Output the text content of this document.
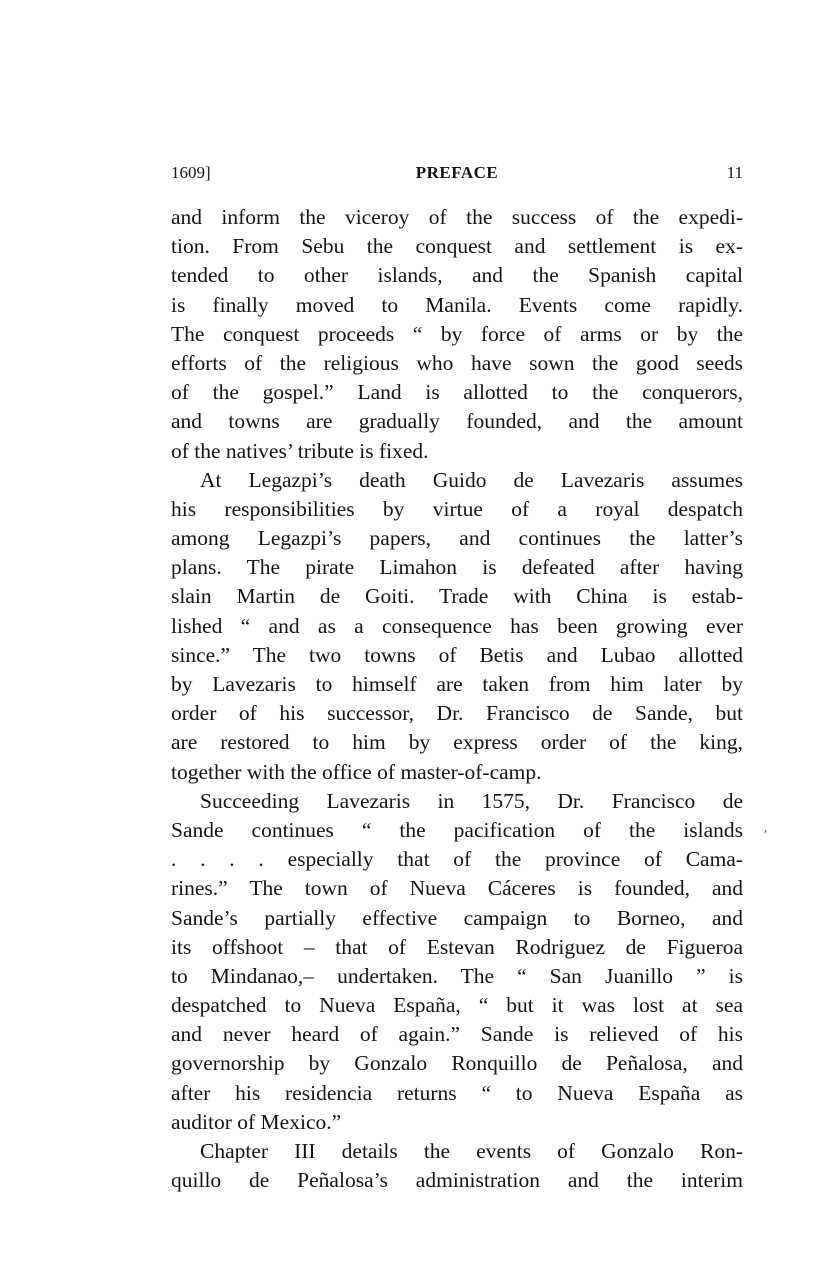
1609]	PREFACE	11
and inform the viceroy of the success of the expedi-
tion. From Sebu the conquest and settlement is ex-
tended to other islands, and the Spanish capital
is finally moved to Manila. Events come rapidly.
The conquest proceeds “ by force of arms or by the
efforts of the religious who have sown the good seeds
of the gospel.” Land is allotted to the conquerors,
and towns are gradually founded, and the amount
of the natives’ tribute is fixed.
At Legazpi’s death Guido de Lavezaris assumes
his responsibilities by virtue of a royal despatch
among Legazpi’s papers, and continues the latter’s
plans. The pirate Limahon is defeated after having
slain Martin de Goiti. Trade with China is estab-
lished “ and as a consequence has been growing ever
since.” The two towns of Betis and Lubao allotted
by Lavezaris to himself are taken from him later by
order of his successor, Dr. Francisco de Sande, but
are restored to him by express order of the king,
together with the office of master-of-camp.
Succeeding Lavezaris in 1575, Dr. Francisco de
Sande continues “ the pacification of the islands
. . . . especially that of the province of Cama-
rines.” The town of Nueva Cáceres is founded, and
Sande’s partially effective campaign to Borneo, and
its offshoot – that of Estevan Rodriguez de Figueroa
to Mindanao,– undertaken. The “ San Juanillo ” is
despatched to Nueva España, “ but it was lost at sea
and never heard of again.” Sande is relieved of his
governorship by Gonzalo Ronquillo de Peñalosa, and
after his residencia returns “ to Nueva España as
auditor of Mexico.”
Chapter III details the events of Gonzalo Ron-
quillo de Peñalosa’s administration and the interim
’
